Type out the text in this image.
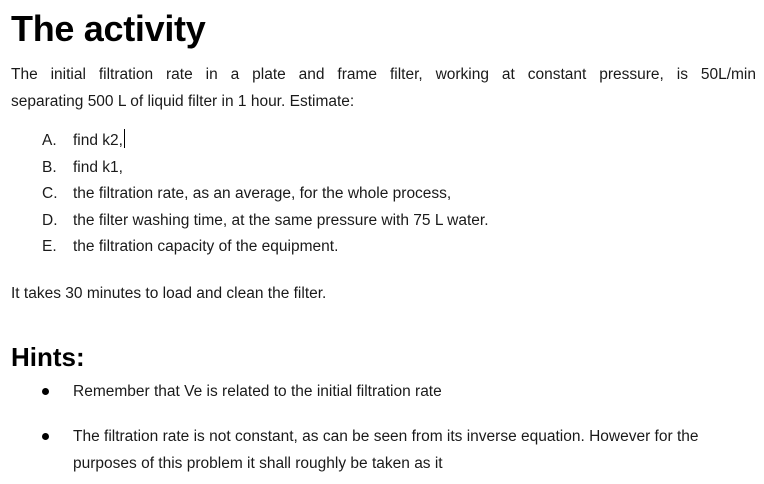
The activity

The initial filtration rate in a plate and frame filter, working at constant pressure, is 50L/min
separating 500 L of liquid filter in 1 hour. Estimate:

A.	find k2,
B.	find k1,
C.	the filtration rate, as an average, for the whole process,
D.	the filter washing time, at the same pressure with 75 L water.
E.	the filtration capacity of the equipment.

It takes 30 minutes to load and clean the filter.

Hints:
Remember that Ve is related to the initial filtration rate
The filtration rate is not constant, as can be seen from its inverse equation. However for the purposes of this problem it shall roughly be taken as it
